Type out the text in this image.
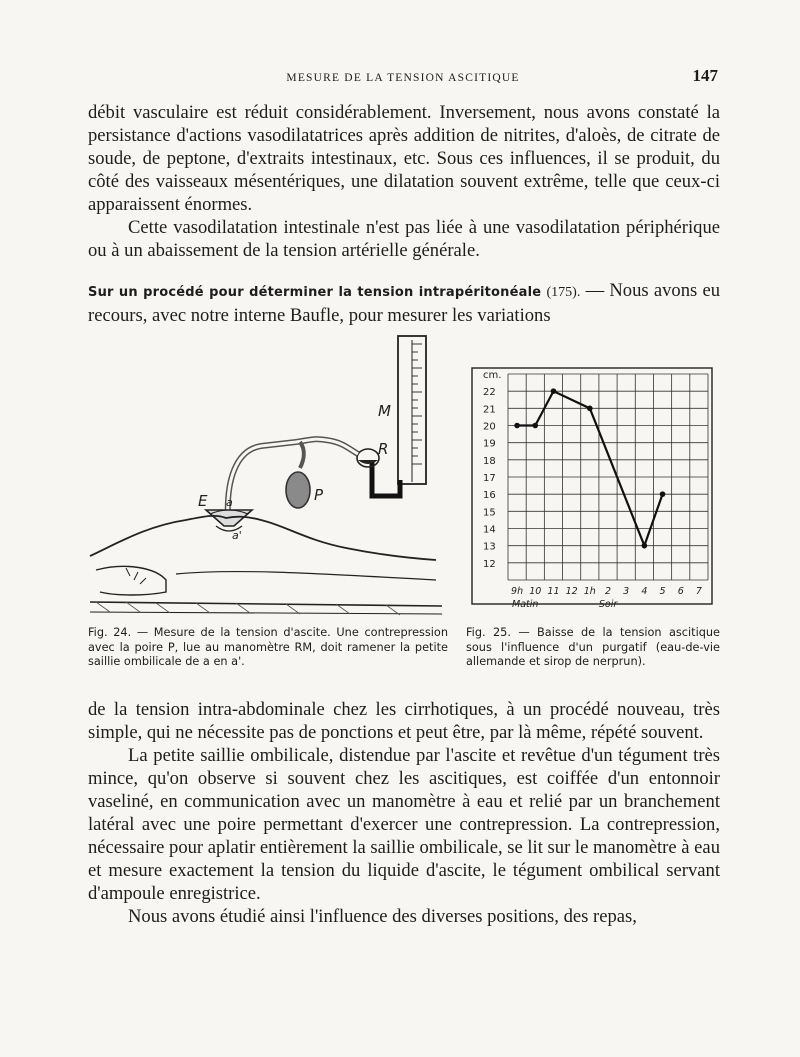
MESURE DE LA TENSION ASCITIQUE	147

débit vasculaire est réduit considérablement. Inversement, nous avons constaté la persistance d'actions vasodilatatrices après addition de nitrites, d'aloès, de citrate de soude, de peptone, d'extraits intestinaux, etc. Sous ces influences, il se produit, du côté des vaisseaux mésentériques, une dilatation souvent extrême, telle que ceux-ci apparaissent énormes.

Cette vasodilatation intestinale n'est pas liée à une vasodilatation périphérique ou à un abaissement de la tension artérielle générale.

Sur un procédé pour déterminer la tension intrapéritonéale (175). — Nous avons eu recours, avec notre interne Baufle, pour mesurer les variations

M
R
P
E a
a'
22
21
20
19
18
17
16
15
14
13
12
9h 10 11 12 1h 2 3 4 5 6 7
Matin	Soir
cm.

Fig. 24. — Mesure de la tension d'ascite. Une contrepression avec la poire P, lue au manomètre RM, doit ramener la petite saillie ombilicale de a en a'.

Fig. 25. — Baisse de la tension ascitique sous l'influence d'un purgatif (eau-de-vie allemande et sirop de nerprun).

de la tension intra-abdominale chez les cirrhotiques, à un procédé nouveau, très simple, qui ne nécessite pas de ponctions et peut être, par là même, répété souvent.

La petite saillie ombilicale, distendue par l'ascite et revêtue d'un tégument très mince, qu'on observe si souvent chez les ascitiques, est coiffée d'un entonnoir vaseliné, en communication avec un manomètre à eau et relié par un branchement latéral avec une poire permettant d'exercer une contrepression. La contrepression, nécessaire pour aplatir entièrement la saillie ombilicale, se lit sur le manomètre à eau et mesure exactement la tension du liquide d'ascite, le tégument ombilical servant d'ampoule enregistrice.

Nous avons étudié ainsi l'influence des diverses positions, des repas,
